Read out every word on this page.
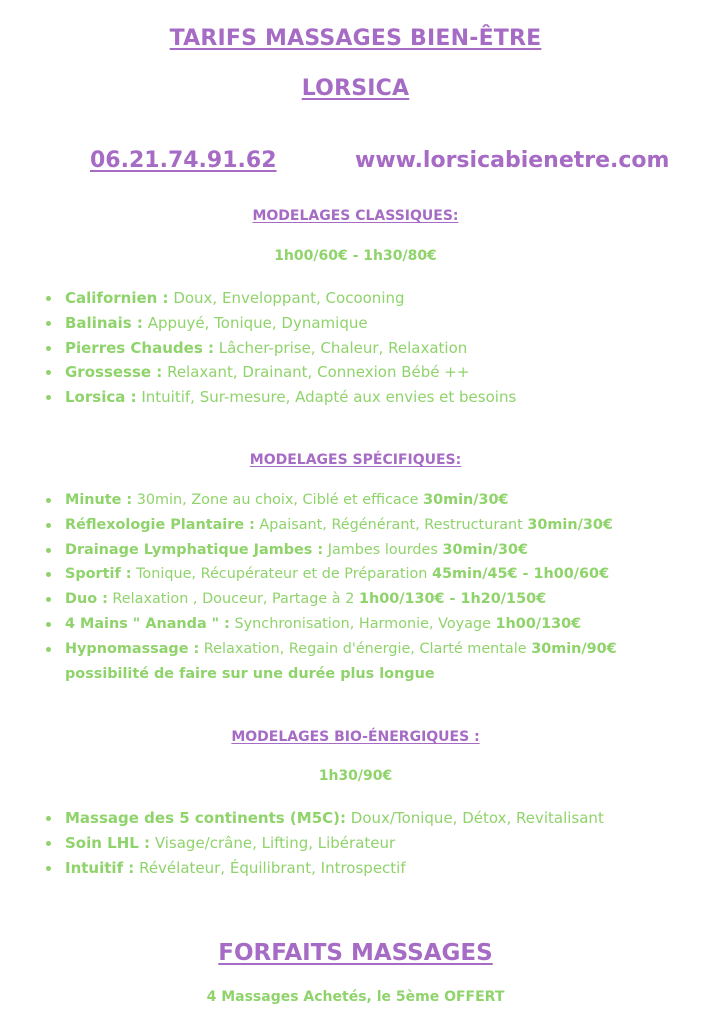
TARIFS MASSAGES BIEN-ÊTRE
LORSICA
06.21.74.91.62	www.lorsicabienetre.com
MODELAGES CLASSIQUES:
1h00/60€ - 1h30/80€
Californien : Doux, Enveloppant, Cocooning
Balinais : Appuyé, Tonique, Dynamique
Pierres Chaudes : Lâcher-prise, Chaleur, Relaxation
Grossesse : Relaxant, Drainant, Connexion Bébé ++
Lorsica : Intuitif, Sur-mesure, Adapté aux envies et besoins
MODELAGES SPÉCIFIQUES:
Minute : 30min, Zone au choix, Ciblé et efficace 30min/30€
Réflexologie Plantaire : Apaisant, Régénérant, Restructurant 30min/30€
Drainage Lymphatique Jambes : Jambes lourdes 30min/30€
Sportif : Tonique, Récupérateur et de Préparation 45min/45€ - 1h00/60€
Duo : Relaxation , Douceur, Partage à 2 1h00/130€ - 1h20/150€
4 Mains " Ananda " : Synchronisation, Harmonie, Voyage 1h00/130€
Hypnomassage : Relaxation, Regain d'énergie, Clarté mentale 30min/90€ possibilité de faire sur une durée plus longue
MODELAGES BIO-ÉNERGIQUES :
1h30/90€
Massage des 5 continents (M5C): Doux/Tonique, Détox, Revitalisant
Soin LHL : Visage/crâne, Lifting, Libérateur
Intuitif : Révélateur, Équilibrant, Introspectif
FORFAITS MASSAGES
4 Massages Achetés, le 5ème OFFERT
